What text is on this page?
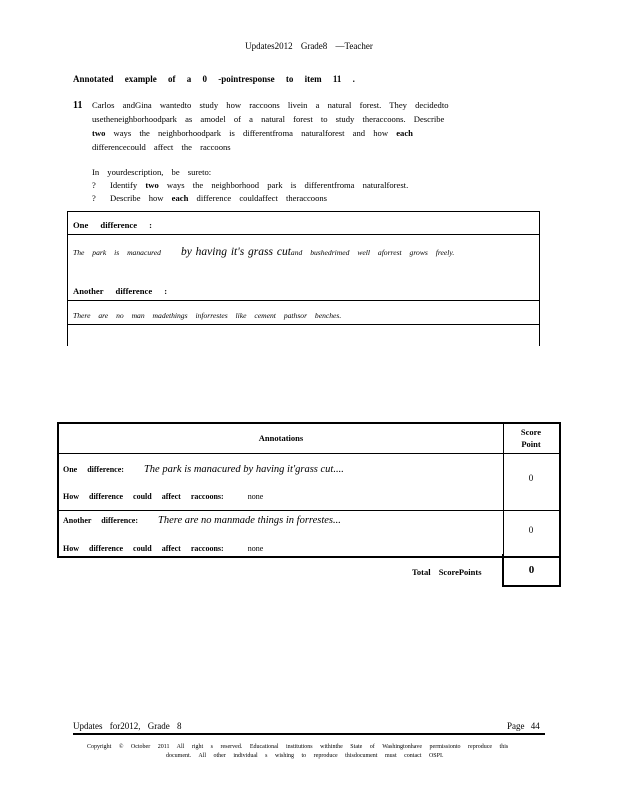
Updates2012 Grade8 —Teacher
Annotated example of a 0 -pointresponse to item 11 .
11 Carlos andGina wantedto study how raccoons livein a natural forest. They decidedto
usetheneighborhoodpark as amodel of a natural forest to study theraccoons. Describe
two ways the neighborhoodpark is differentfroma naturalforest and how each
differencecould affect the raccoons
In yourdescription, be sureto:
? Identify two ways the neighborhood park is differentfroma naturalforest.
? Describe how each difference couldaffect theraccoons
One difference :
The park is manacured by having it's grass cutand bushedrimed well aforrest grows freely.
Another difference :
There are no man madethings inforrestes like cement pathsor benches.
Annotations
Score
Point
One difference: The park is manacured by having it'grass cut....
How difference could affect raccoons:	none
0
Another difference: There are no manmade things in forrestes...
How difference could affect raccoons:	none
0
Total ScorePoints	0
Updates for2012, Grade 8	Page 44
Copyright © October 2011 All right s reserved. Educational institutions withinthe State of Washingtonhave permissionto reproduce this
document. All other individual s wishing to reproduce thisdocument must contact OSPI.
